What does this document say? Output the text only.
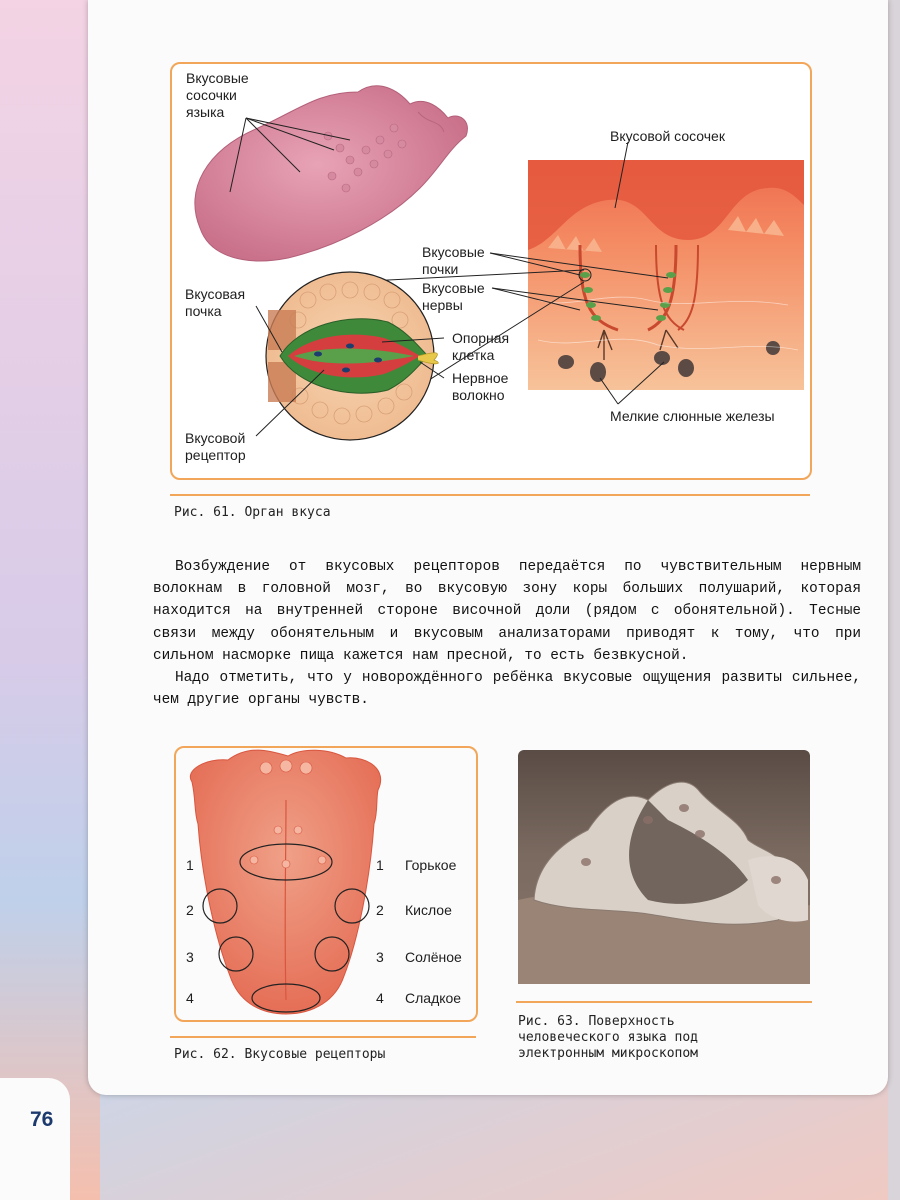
Вкусовые
сосочки
языка
Вкусовой сосочек
Вкусовые
почки
Вкусовые
нервы
Вкусовая
почка
Опорная
клетка
Нервное
волокно
Вкусовой
рецептор
Мелкие слюнные железы
Рис. 61. Орган вкуса

Возбуждение от вкусовых рецепторов передаётся по чувствительным нервным волокнам в головной мозг, во вкусовую зону коры больших полушарий, которая находится на внутренней стороне височной доли (рядом с обонятельной). Тесные связи между обонятельным и вкусовым анализаторами приводят к тому, что при сильном насморке пища кажется нам пресной, то есть безвкусной.

Надо отметить, что у новорождённого ребёнка вкусовые ощущения развиты сильнее, чем другие органы чувств.

1
2
3
4
1
2
3
4
Горькое
Кислое
Солёное
Сладкое
Рис. 62. Вкусовые рецепторы
Рис. 63. Поверхность
человеческого языка под
электронным микроскопом
76
